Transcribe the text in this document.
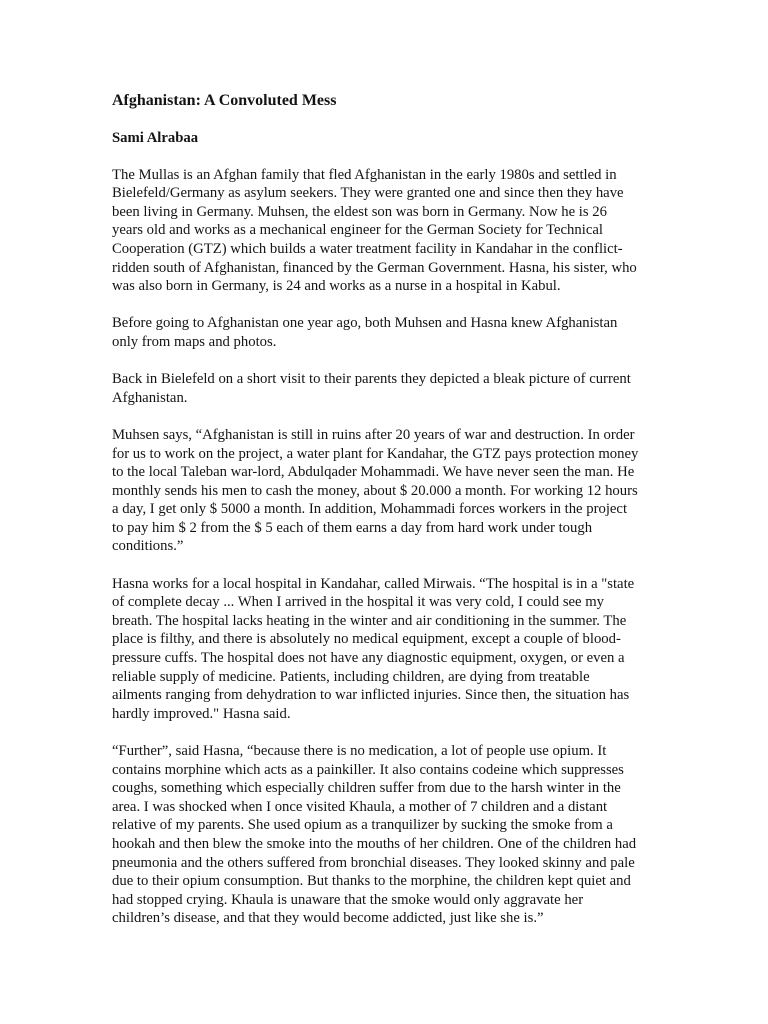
Afghanistan: A Convoluted Mess
Sami Alrabaa
The Mullas is an Afghan family that fled Afghanistan in the early 1980s and settled in
Bielefeld/Germany as asylum seekers. They were granted one and since then they have
been living in Germany. Muhsen, the eldest son was born in Germany. Now he is 26
years old and works as a mechanical engineer for the German Society for Technical
Cooperation (GTZ) which builds a water treatment facility in Kandahar in the conflict-
ridden south of Afghanistan, financed by the German Government. Hasna, his sister, who
was also born in Germany, is 24 and works as a nurse in a hospital in Kabul.
Before going to Afghanistan one year ago, both Muhsen and Hasna knew Afghanistan
only from maps and photos.
Back in Bielefeld on a short visit to their parents they depicted a bleak picture of current
Afghanistan.
Muhsen says, “Afghanistan is still in ruins after 20 years of war and destruction. In order
for us to work on the project, a water plant for Kandahar, the GTZ pays protection money
to the local Taleban war-lord, Abdulqader Mohammadi. We have never seen the man. He
monthly sends his men to cash the money, about $ 20.000 a month. For working 12 hours
a day, I get only $ 5000 a month. In addition, Mohammadi forces workers in the project
to pay him $ 2 from the $ 5 each of them earns a day from hard work under tough
conditions.”
Hasna works for a local hospital in Kandahar, called Mirwais. “The hospital is in a "state
of complete decay ... When I arrived in the hospital it was very cold, I could see my
breath. The hospital lacks heating in the winter and air conditioning in the summer. The
place is filthy, and there is absolutely no medical equipment, except a couple of blood-
pressure cuffs. The hospital does not have any diagnostic equipment, oxygen, or even a
reliable supply of medicine. Patients, including children, are dying from treatable
ailments ranging from dehydration to war inflicted injuries. Since then, the situation has
hardly improved." Hasna said.
“Further”, said Hasna, “because there is no medication, a lot of people use opium. It
contains morphine which acts as a painkiller. It also contains codeine which suppresses
coughs, something which especially children suffer from due to the harsh winter in the
area. I was shocked when I once visited Khaula, a mother of 7 children and a distant
relative of my parents. She used opium as a tranquilizer by sucking the smoke from a
hookah and then blew the smoke into the mouths of her children. One of the children had
pneumonia and the others suffered from bronchial diseases. They looked skinny and pale
due to their opium consumption. But thanks to the morphine, the children kept quiet and
had stopped crying. Khaula is unaware that the smoke would only aggravate her
children’s disease, and that they would become addicted, just like she is.”
